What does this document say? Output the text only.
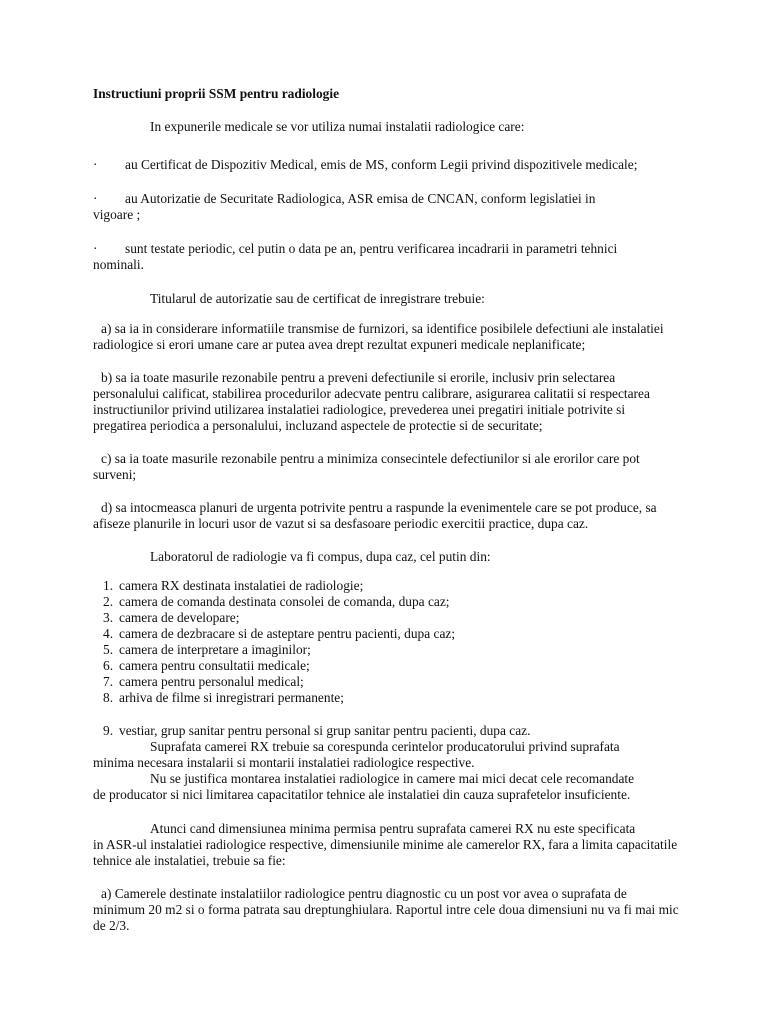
Instructiuni proprii SSM pentru radiologie

In expunerile medicale se vor utiliza numai instalatii radiologice care:

· au Certificat de Dispozitiv Medical, emis de MS, conform Legii privind dispozitivele medicale;
· au Autorizatie de Securitate Radiologica, ASR emisa de CNCAN, conform legislatiei in
vigoare ;
· sunt testate periodic, cel putin o data pe an, pentru verificarea incadrarii in parametri tehnici
nominali.

Titularul de autorizatie sau de certificat de inregistrare trebuie:

a) sa ia in considerare informatiile transmise de furnizori, sa identifice posibilele defectiuni ale instalatiei radiologice si erori umane care ar putea avea drept rezultat expuneri medicale neplanificate;

b) sa ia toate masurile rezonabile pentru a preveni defectiunile si erorile, inclusiv prin selectarea personalului calificat, stabilirea procedurilor adecvate pentru calibrare, asigurarea calitatii si respectarea instructiunilor privind utilizarea instalatiei radiologice, prevederea unei pregatiri initiale potrivite si pregatirea periodica a personalului, incluzand aspectele de protectie si de securitate;

c) sa ia toate masurile rezonabile pentru a minimiza consecintele defectiunilor si ale erorilor care pot surveni;

d) sa intocmeasca planuri de urgenta potrivite pentru a raspunde la evenimentele care se pot produce, sa afiseze planurile in locuri usor de vazut si sa desfasoare periodic exercitii practice, dupa caz.

Laboratorul de radiologie va fi compus, dupa caz, cel putin din:

1. camera RX destinata instalatiei de radiologie;
2. camera de comanda destinata consolei de comanda, dupa caz;
3. camera de developare;
4. camera de dezbracare si de asteptare pentru pacienti, dupa caz;
5. camera de interpretare a imaginilor;
6. camera pentru consultatii medicale;
7. camera pentru personalul medical;
8. arhiva de filme si inregistrari permanente;
9. vestiar, grup sanitar pentru personal si grup sanitar pentru pacienti, dupa caz.

Suprafata camerei RX trebuie sa corespunda cerintelor producatorului privind suprafata

minima necesara instalarii si montarii instalatiei radiologice respective.

Nu se justifica montarea instalatiei radiologice in camere mai mici decat cele recomandate

de producator si nici limitarea capacitatilor tehnice ale instalatiei din cauza suprafetelor insuficiente.

Atunci cand dimensiunea minima permisa pentru suprafata camerei RX nu este specificata

in ASR-ul instalatiei radiologice respective, dimensiunile minime ale camerelor RX, fara a limita capacitatile tehnice ale instalatiei, trebuie sa fie:

a) Camerele destinate instalatiilor radiologice pentru diagnostic cu un post vor avea o suprafata de minimum 20 m2 si o forma patrata sau dreptunghiulara. Raportul intre cele doua dimensiuni nu va fi mai mic de 2/3.
